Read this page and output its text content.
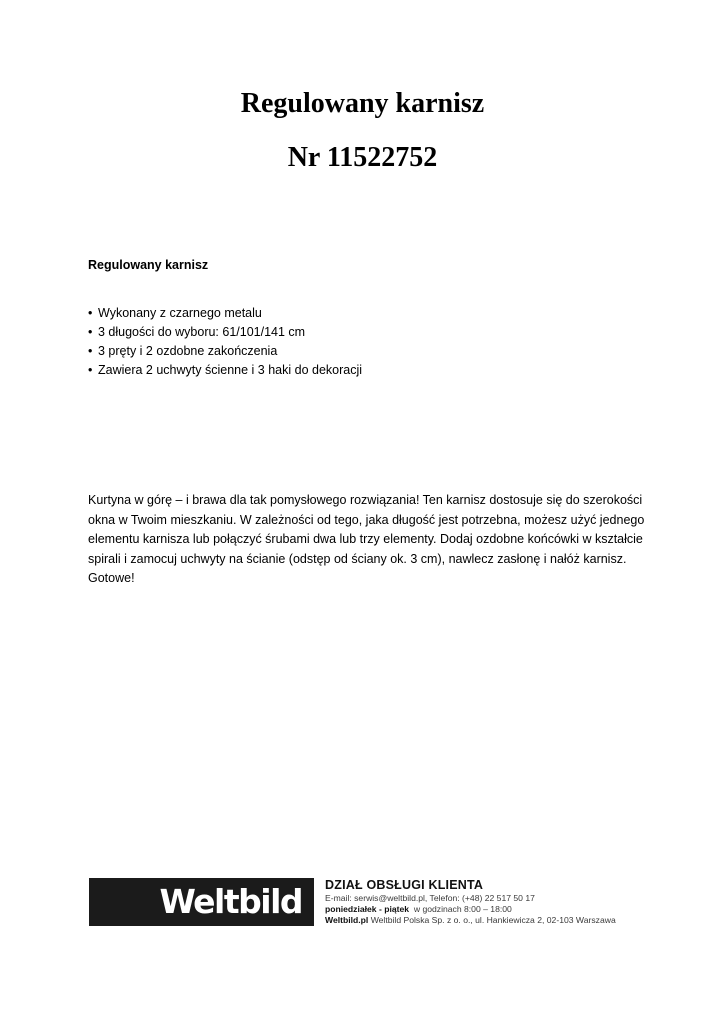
Regulowany karnisz
Nr 11522752

Regulowany karnisz

• Wykonany z czarnego metalu
• 3 długości do wyboru: 61/101/141 cm
• 3 pręty i 2 ozdobne zakończenia
• Zawiera 2 uchwyty ścienne i 3 haki do dekoracji

Kurtyna w górę – i brawa dla tak pomysłowego rozwiązania! Ten karnisz dostosuje się do szerokości okna w Twoim mieszkaniu. W zależności od tego, jaka długość jest potrzebna, możesz użyć jednego elementu karnisza lub połączyć śrubami dwa lub trzy elementy. Dodaj ozdobne końcówki w kształcie spirali i zamocuj uchwyty na ścianie (odstęp od ściany ok. 3 cm), nawlecz zasłonę i nałóż karnisz. Gotowe!

Weltbild DZIAŁ OBSŁUGI KLIENTA
E-mail: serwis@weltbild.pl, Telefon: (+48) 22 517 50 17
poniedziałek - piątek w godzinach 8:00 – 18:00
Weltbild.pl Weltbild Polska Sp. z o. o., ul. Hankiewicza 2, 02-103 Warszawa
